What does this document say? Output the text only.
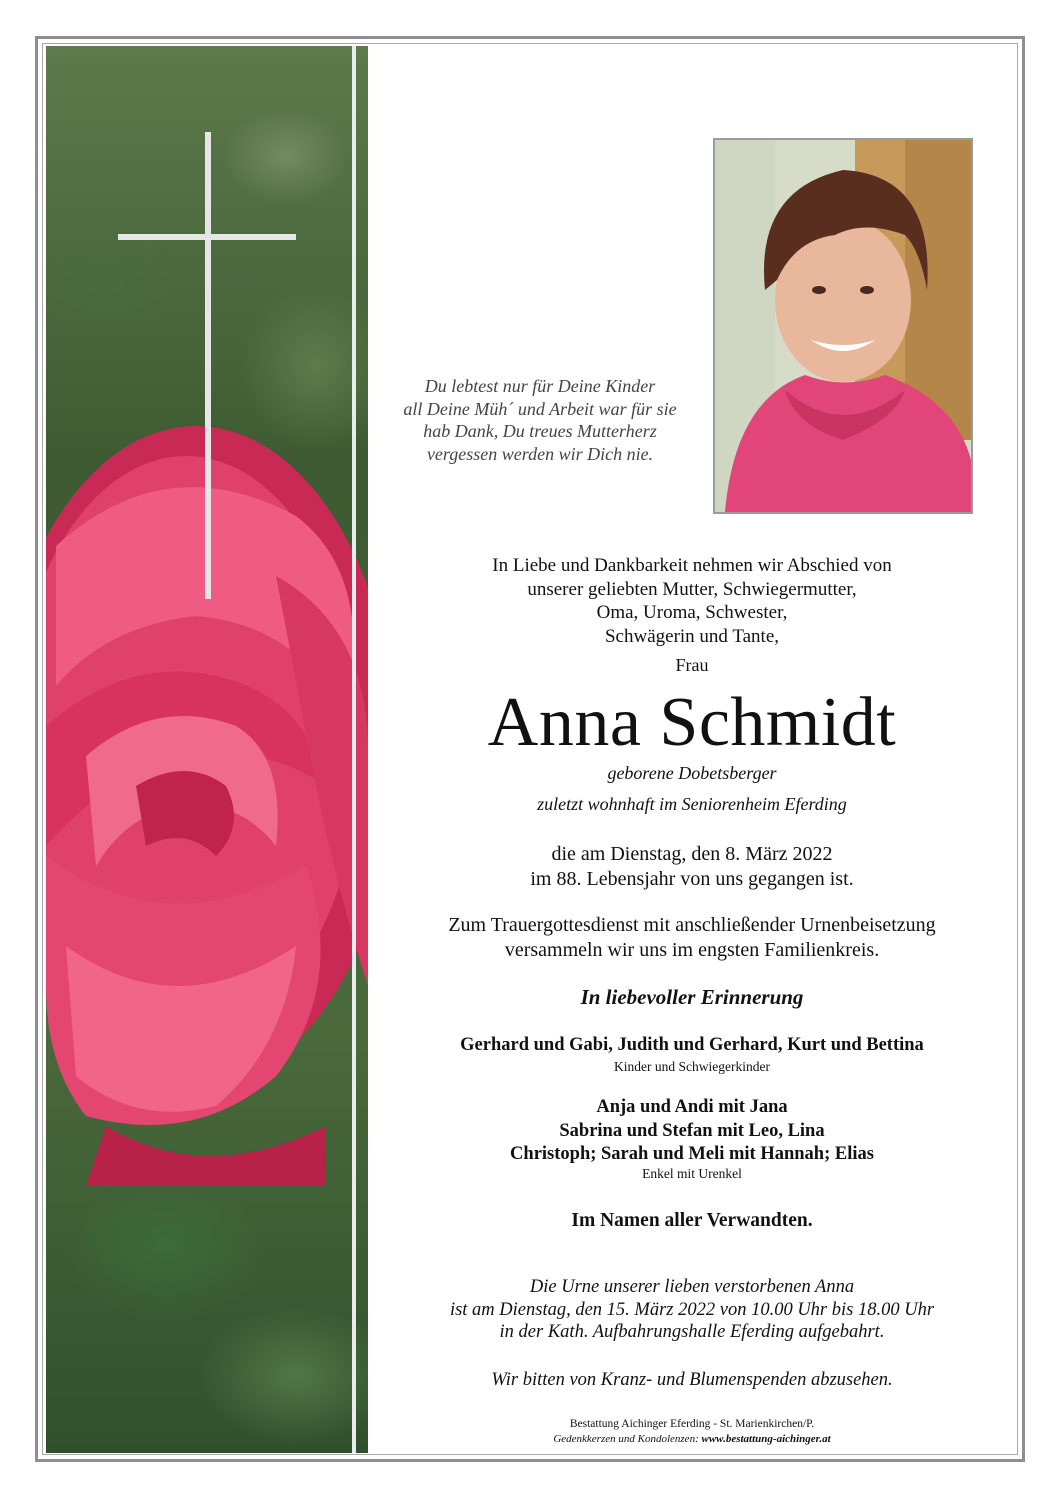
Du lebtest nur für Deine Kinder
all Deine Müh´ und Arbeit war für sie
hab Dank, Du treues Mutterherz
vergessen werden wir Dich nie.
In Liebe und Dankbarkeit nehmen wir Abschied von
unserer geliebten Mutter, Schwiegermutter,
Oma, Uroma, Schwester,
Schwägerin und Tante,
Frau
Anna Schmidt
geborene Dobetsberger
zuletzt wohnhaft im Seniorenheim Eferding
die am Dienstag, den 8. März 2022
im 88. Lebensjahr von uns gegangen ist.
Zum Trauergottesdienst mit anschließender Urnenbeisetzung
versammeln wir uns im engsten Familienkreis.
In liebevoller Erinnerung
Gerhard und Gabi, Judith und Gerhard, Kurt und Bettina
Kinder und Schwiegerkinder
Anja und Andi mit Jana
Sabrina und Stefan mit Leo, Lina
Christoph; Sarah und Meli mit Hannah; Elias
Enkel mit Urenkel
Im Namen aller Verwandten.
Die Urne unserer lieben verstorbenen Anna
ist am Dienstag, den 15. März 2022 von 10.00 Uhr bis 18.00 Uhr
in der Kath. Aufbahrungshalle Eferding aufgebahrt.
Wir bitten von Kranz- und Blumenspenden abzusehen.
Bestattung Aichinger Eferding - St. Marienkirchen/P.
Gedenkkerzen und Kondolenzen: www.bestattung-aichinger.at
